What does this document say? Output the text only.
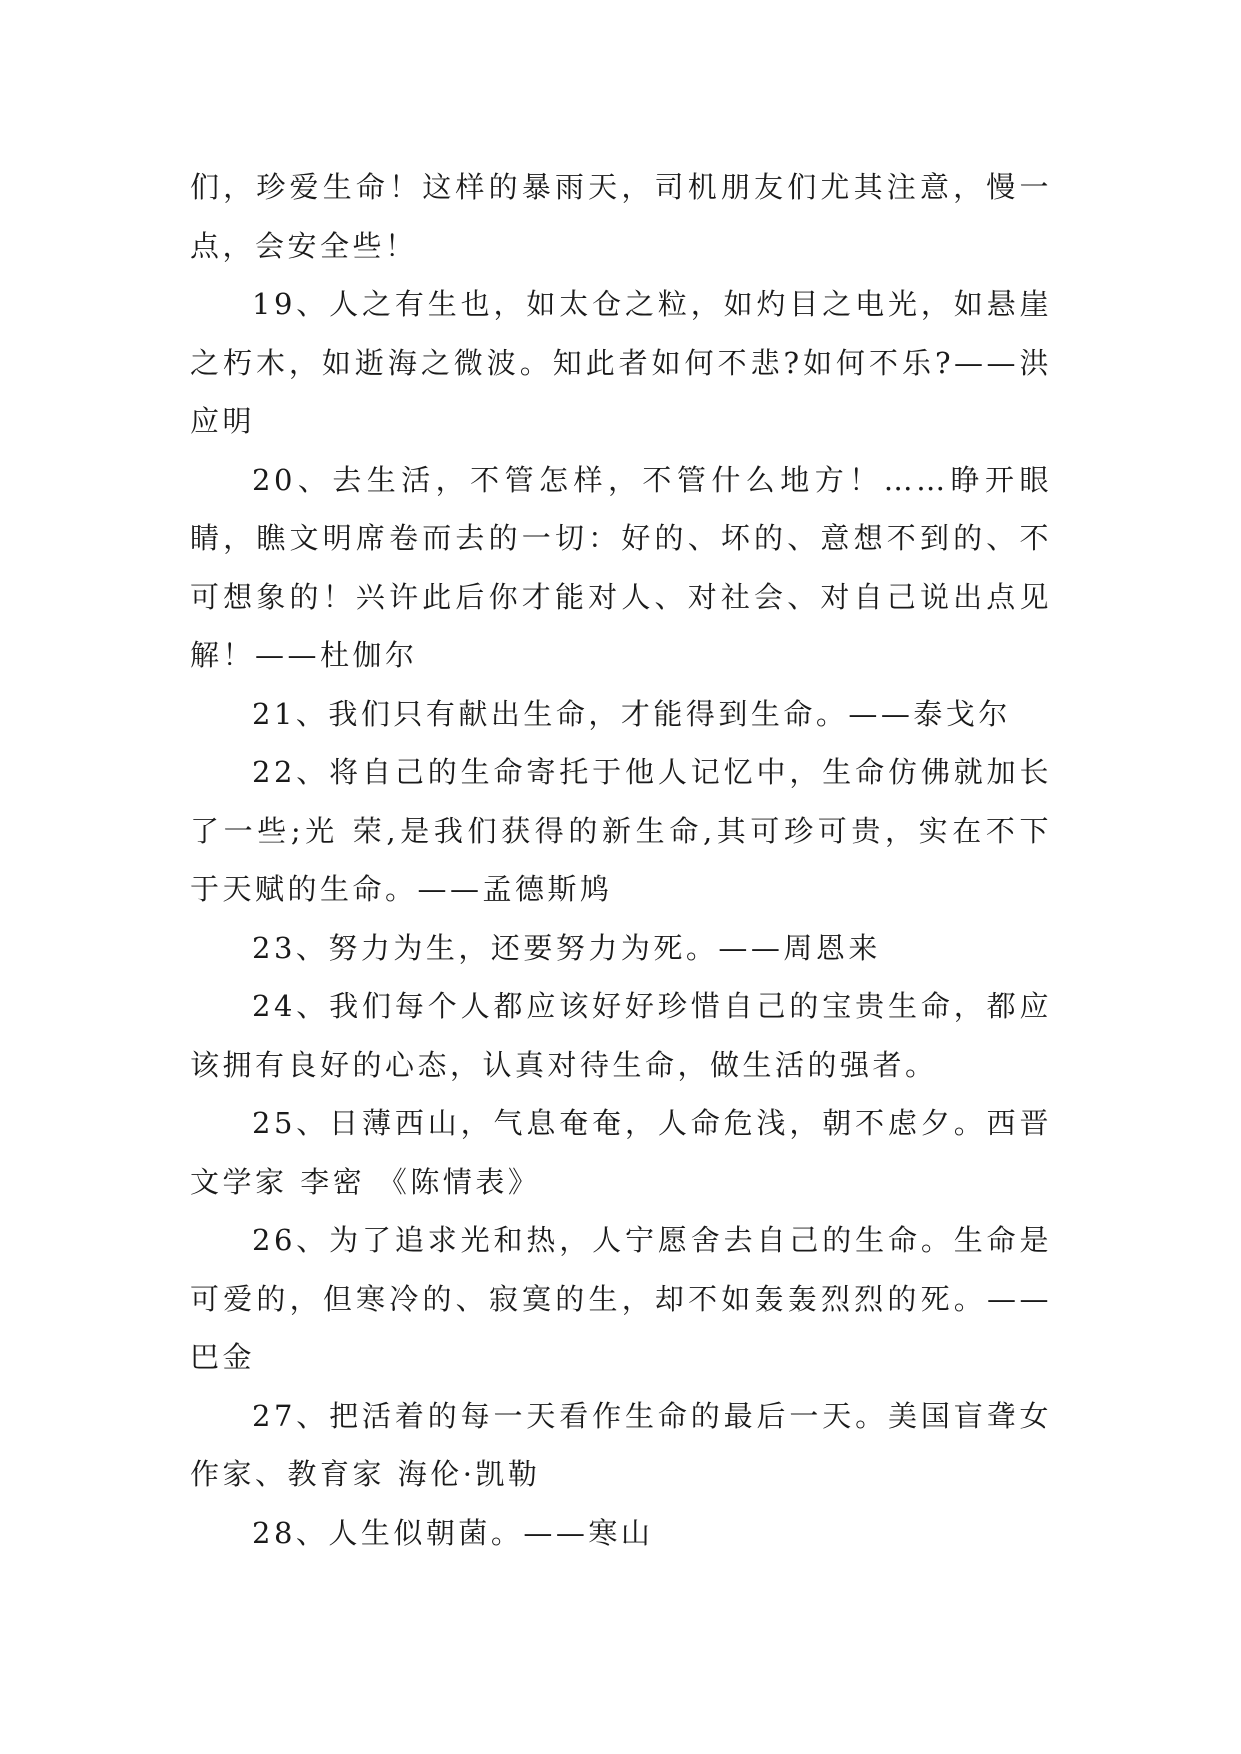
们，珍爱生命！这样的暴雨天，司机朋友们尤其注意，慢一点，会安全些！

19、人之有生也，如太仓之粒，如灼目之电光，如悬崖之朽木，如逝海之微波。知此者如何不悲?如何不乐?——洪应明

20、去生活，不管怎样，不管什么地方！……睁开眼睛，瞧文明席卷而去的一切：好的、坏的、意想不到的、不可想象的！兴许此后你才能对人、对社会、对自己说出点见解！——杜伽尔

21、我们只有献出生命，才能得到生命。——泰戈尔

22、将自己的生命寄托于他人记忆中，生命仿佛就加长了一些;光 荣,是我们获得的新生命,其可珍可贵，实在不下于天赋的生命。——孟德斯鸠

23、努力为生，还要努力为死。——周恩来

24、我们每个人都应该好好珍惜自己的宝贵生命，都应该拥有良好的心态，认真对待生命，做生活的强者。

25、日薄西山，气息奄奄，人命危浅，朝不虑夕。西晋文学家 李密 《陈情表》

26、为了追求光和热，人宁愿舍去自己的生命。生命是可爱的，但寒冷的、寂寞的生，却不如轰轰烈烈的死。——巴金

27、把活着的每一天看作生命的最后一天。美国盲聋女作家、教育家 海伦·凯勒

28、人生似朝菌。——寒山
